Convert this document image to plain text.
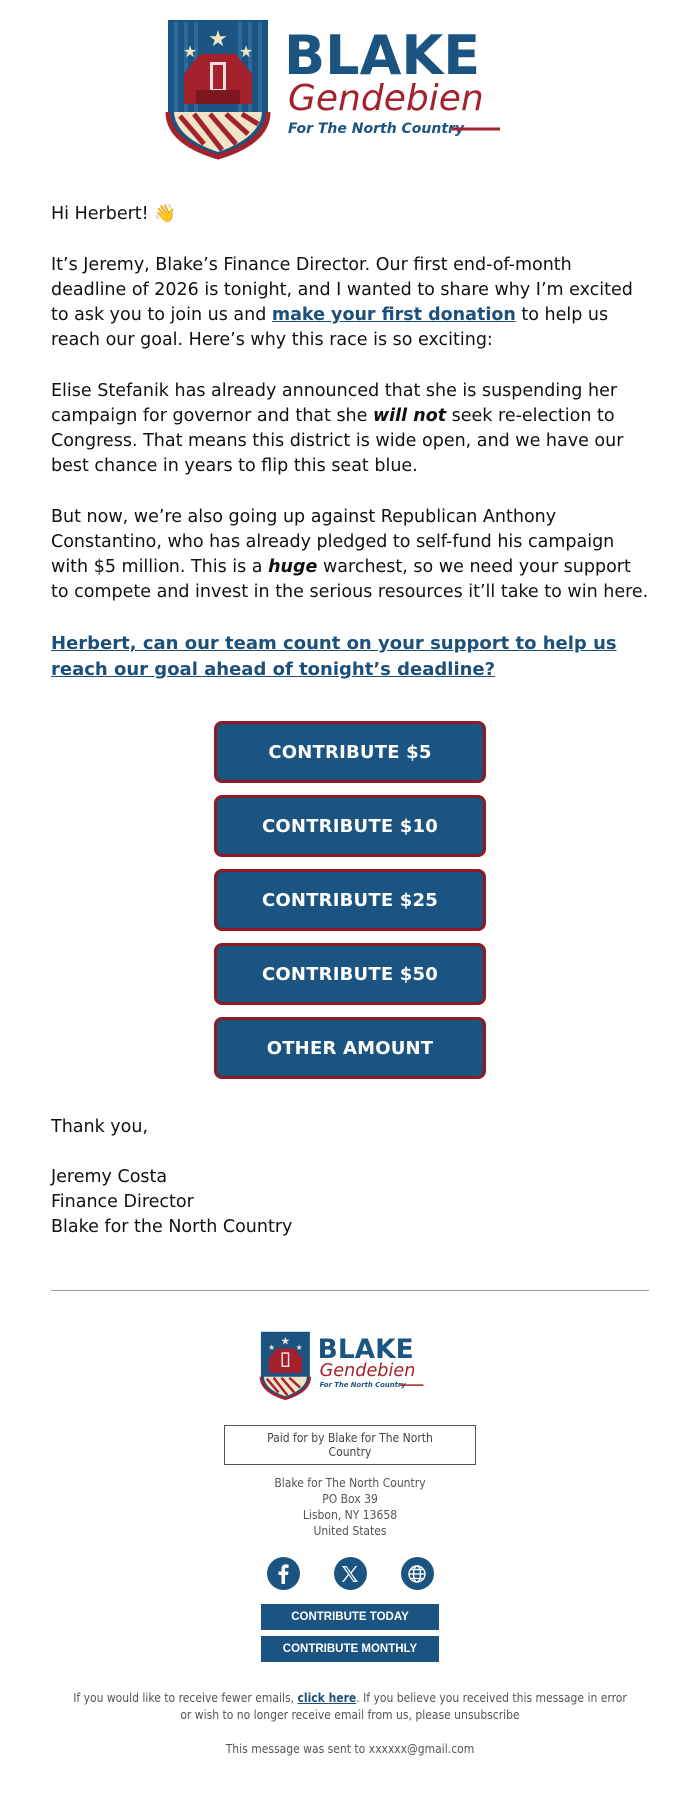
★
★	★ BLAKE
Gendebien
For The North Country

Hi Herbert! 👋

It’s Jeremy, Blake’s Finance Director. Our first end-of-month deadline of 2026 is tonight, and I wanted to share why I’m excited to ask you to join us and make your first donation to help us reach our goal. Here’s why this race is so exciting:

Elise Stefanik has already announced that she is suspending her campaign for governor and that she will not seek re-election to Congress. That means this district is wide open, and we have our best chance in years to flip this seat blue.

But now, we’re also going up against Republican Anthony Constantino, who has already pledged to self-fund his campaign with $5 million. This is a huge warchest, so we need your support to compete and invest in the serious resources it’ll take to win here.

Herbert, can our team count on your support to help us reach our goal ahead of tonight’s deadline?
CONTRIBUTE $5
CONTRIBUTE $10
CONTRIBUTE $25
CONTRIBUTE $50
OTHER AMOUNT

Thank you,

Jeremy Costa

Finance Director

Blake for the North Country

★
★ ★ BLAKE
Gendebien
For The North Country
Paid for by Blake for The North Country
Blake for The North Country
PO Box 39
Lisbon, NY 13658
United States
CONTRIBUTE TODAY
CONTRIBUTE MONTHLY
If you would like to receive fewer emails, click here. If you believe you received this message in error or wish to no longer receive email from us, please unsubscribe
This message was sent to xxxxxx@gmail.com
